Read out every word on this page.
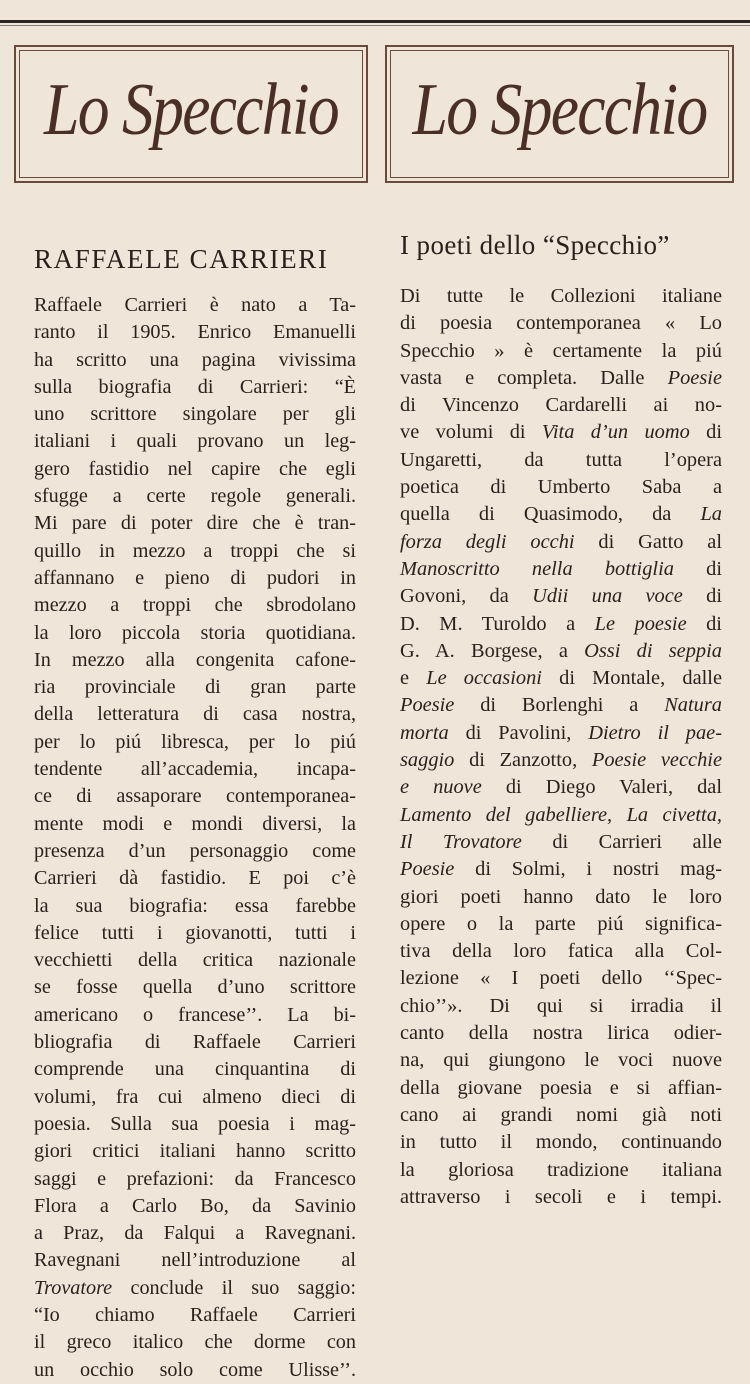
Lo Specchio Lo Specchio
RAFFAELE CARRIERI
Raffaele Carrieri è nato a Ta-
ranto il 1905. Enrico Emanuelli
ha scritto una pagina vivissima
sulla biografia di Carrieri: “È
uno scrittore singolare per gli
italiani i quali provano un leg-
gero fastidio nel capire che egli
sfugge a certe regole generali.
Mi pare di poter dire che è tran-
quillo in mezzo a troppi che si
affannano e pieno di pudori in
mezzo a troppi che sbrodolano
la loro piccola storia quotidiana.
In mezzo alla congenita cafone-
ria provinciale di gran parte
della letteratura di casa nostra,
per lo piú libresca, per lo piú
tendente all’accademia, incapa-
ce di assaporare contemporanea-
mente modi e mondi diversi, la
presenza d’un personaggio come
Carrieri dà fastidio. E poi c’è
la sua biografia: essa farebbe
felice tutti i giovanotti, tutti i
vecchietti della critica nazionale
se fosse quella d’uno scrittore
americano o francese’’. La bi-
bliografia di Raffaele Carrieri
comprende una cinquantina di
volumi, fra cui almeno dieci di
poesia. Sulla sua poesia i mag-
giori critici italiani hanno scritto
saggi e prefazioni: da Francesco
Flora a Carlo Bo, da Savinio
a Praz, da Falqui a Ravegnani.
Ravegnani nell’introduzione al
Trovatore conclude il suo saggio:
“Io chiamo Raffaele Carrieri
il greco italico che dorme con
un occhio solo come Ulisse’’.
I poeti dello “Specchio”
Di tutte le Collezioni italiane
di poesia contemporanea « Lo
Specchio » è certamente la piú
vasta e completa. Dalle Poesie
di Vincenzo Cardarelli ai no-
ve volumi di Vita d’un uomo di
Ungaretti, da tutta l’opera
poetica di Umberto Saba a
quella di Quasimodo, da La
forza degli occhi di Gatto al
Manoscritto nella bottiglia di
Govoni, da Udii una voce di
D. M. Turoldo a Le poesie di
G. A. Borgese, a Ossi di seppia
e Le occasioni di Montale, dalle
Poesie di Borlenghi a Natura
morta di Pavolini, Dietro il pae-
saggio di Zanzotto, Poesie vecchie
e nuove di Diego Valeri, dal
Lamento del gabelliere, La civetta,
Il Trovatore di Carrieri alle
Poesie di Solmi, i nostri mag-
giori poeti hanno dato le loro
opere o la parte piú significa-
tiva della loro fatica alla Col-
lezione « I poeti dello ‘‘Spec-
chio’’». Di qui si irradia il
canto della nostra lirica odier-
na, qui giungono le voci nuove
della giovane poesia e si affian-
cano ai grandi nomi già noti
in tutto il mondo, continuando
la gloriosa tradizione italiana
attraverso i secoli e i tempi.
